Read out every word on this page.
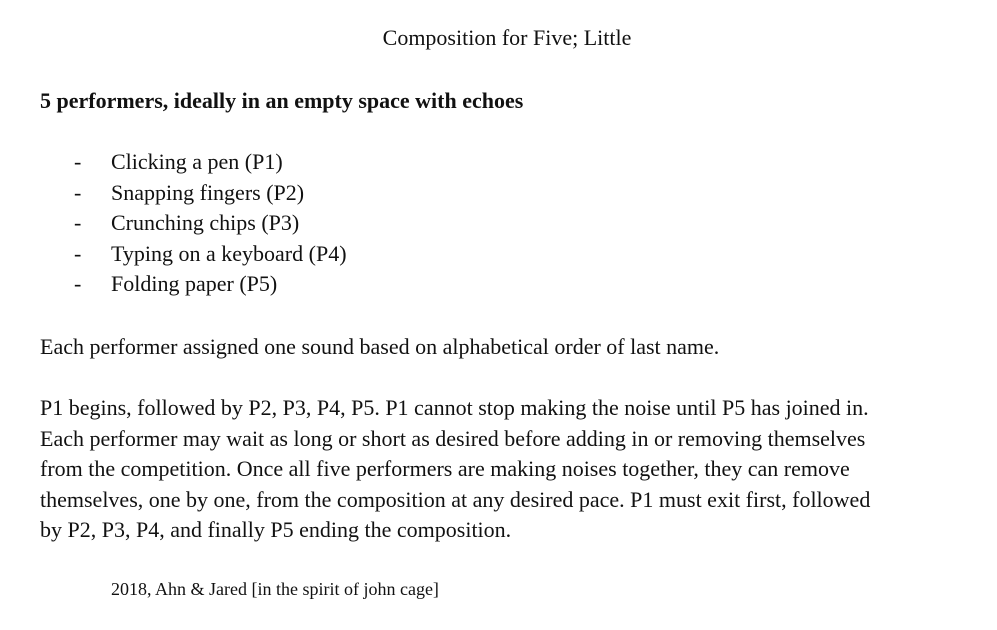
Composition for Five; Little
5 performers, ideally in an empty space with echoes
- Clicking a pen (P1)
- Snapping fingers (P2)
- Crunching chips (P3)
- Typing on a keyboard (P4)
- Folding paper (P5)
Each performer assigned one sound based on alphabetical order of last name.
P1 begins, followed by P2, P3, P4, P5. P1 cannot stop making the noise until P5 has joined in.
Each performer may wait as long or short as desired before adding in or removing themselves
from the competition. Once all five performers are making noises together, they can remove
themselves, one by one, from the composition at any desired pace. P1 must exit first, followed
by P2, P3, P4, and finally P5 ending the composition.
2018, Ahn & Jared [in the spirit of john cage]
